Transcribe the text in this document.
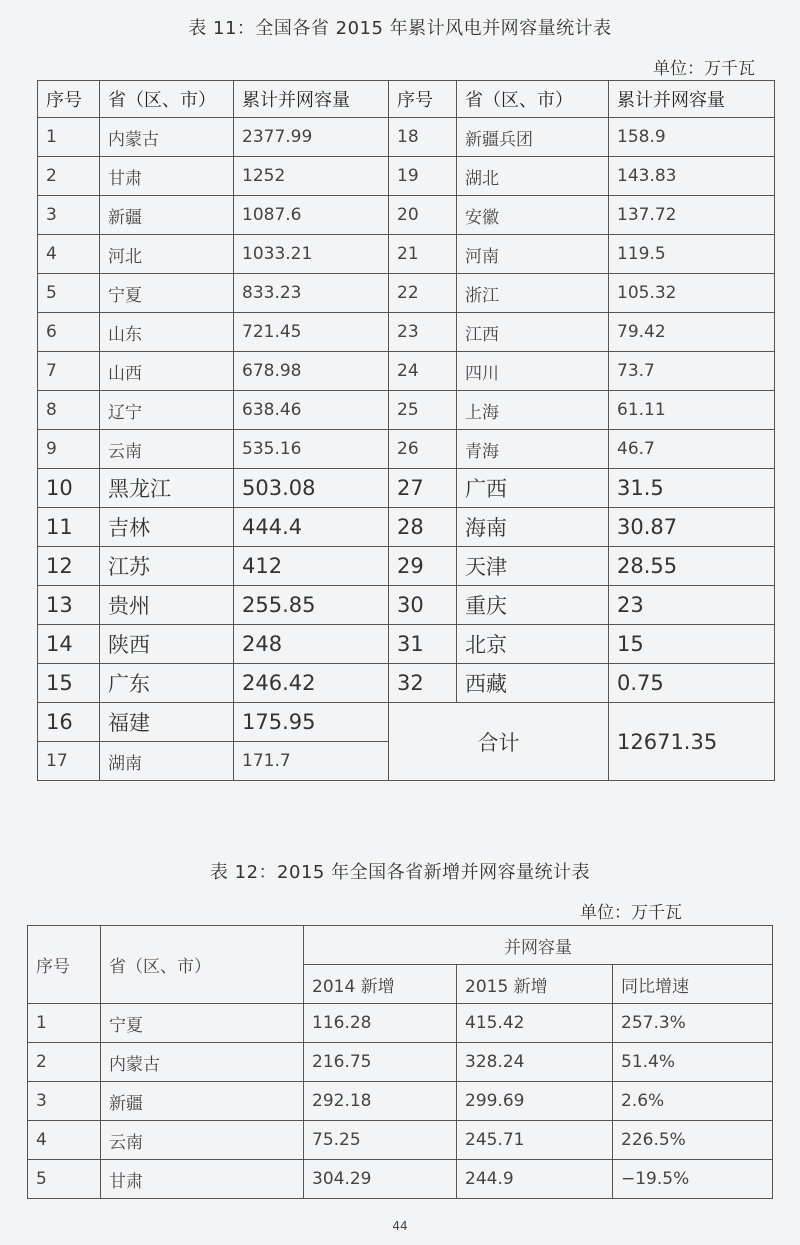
表 11：全国各省 2015 年累计风电并网容量统计表
单位：万千瓦
序号	省（区、市）	累计并网容量	序号	省（区、市）	累计并网容量
1	内蒙古	2377.99	18	新疆兵团	158.9
2	甘肃	1252	19	湖北	143.83
3	新疆	1087.6	20	安徽	137.72
4	河北	1033.21	21	河南	119.5
5	宁夏	833.23	22	浙江	105.32
6	山东	721.45	23	江西	79.42
7	山西	678.98	24	四川	73.7
8	辽宁	638.46	25	上海	61.11
9	云南	535.16	26	青海	46.7
10	黑龙江	503.08	27	广西	31.5
11	吉林	444.4	28	海南	30.87
12	江苏	412	29	天津	28.55
13	贵州	255.85	30	重庆	23
14	陕西	248	31	北京	15
15	广东	246.42	32	西藏	0.75
16	福建	175.95	合计		12671.35
17	湖南	171.7			
表 12：2015 年全国各省新增并网容量统计表
单位：万千瓦
序号	省（区、市）	并网容量		
		2014 新增	2015 新增	同比增速
1	宁夏	116.28	415.42	257.3%
2	内蒙古	216.75	328.24	51.4%
3	新疆	292.18	299.69	2.6%
4	云南	75.25	245.71	226.5%
5	甘肃	304.29	244.9	−19.5%
44
